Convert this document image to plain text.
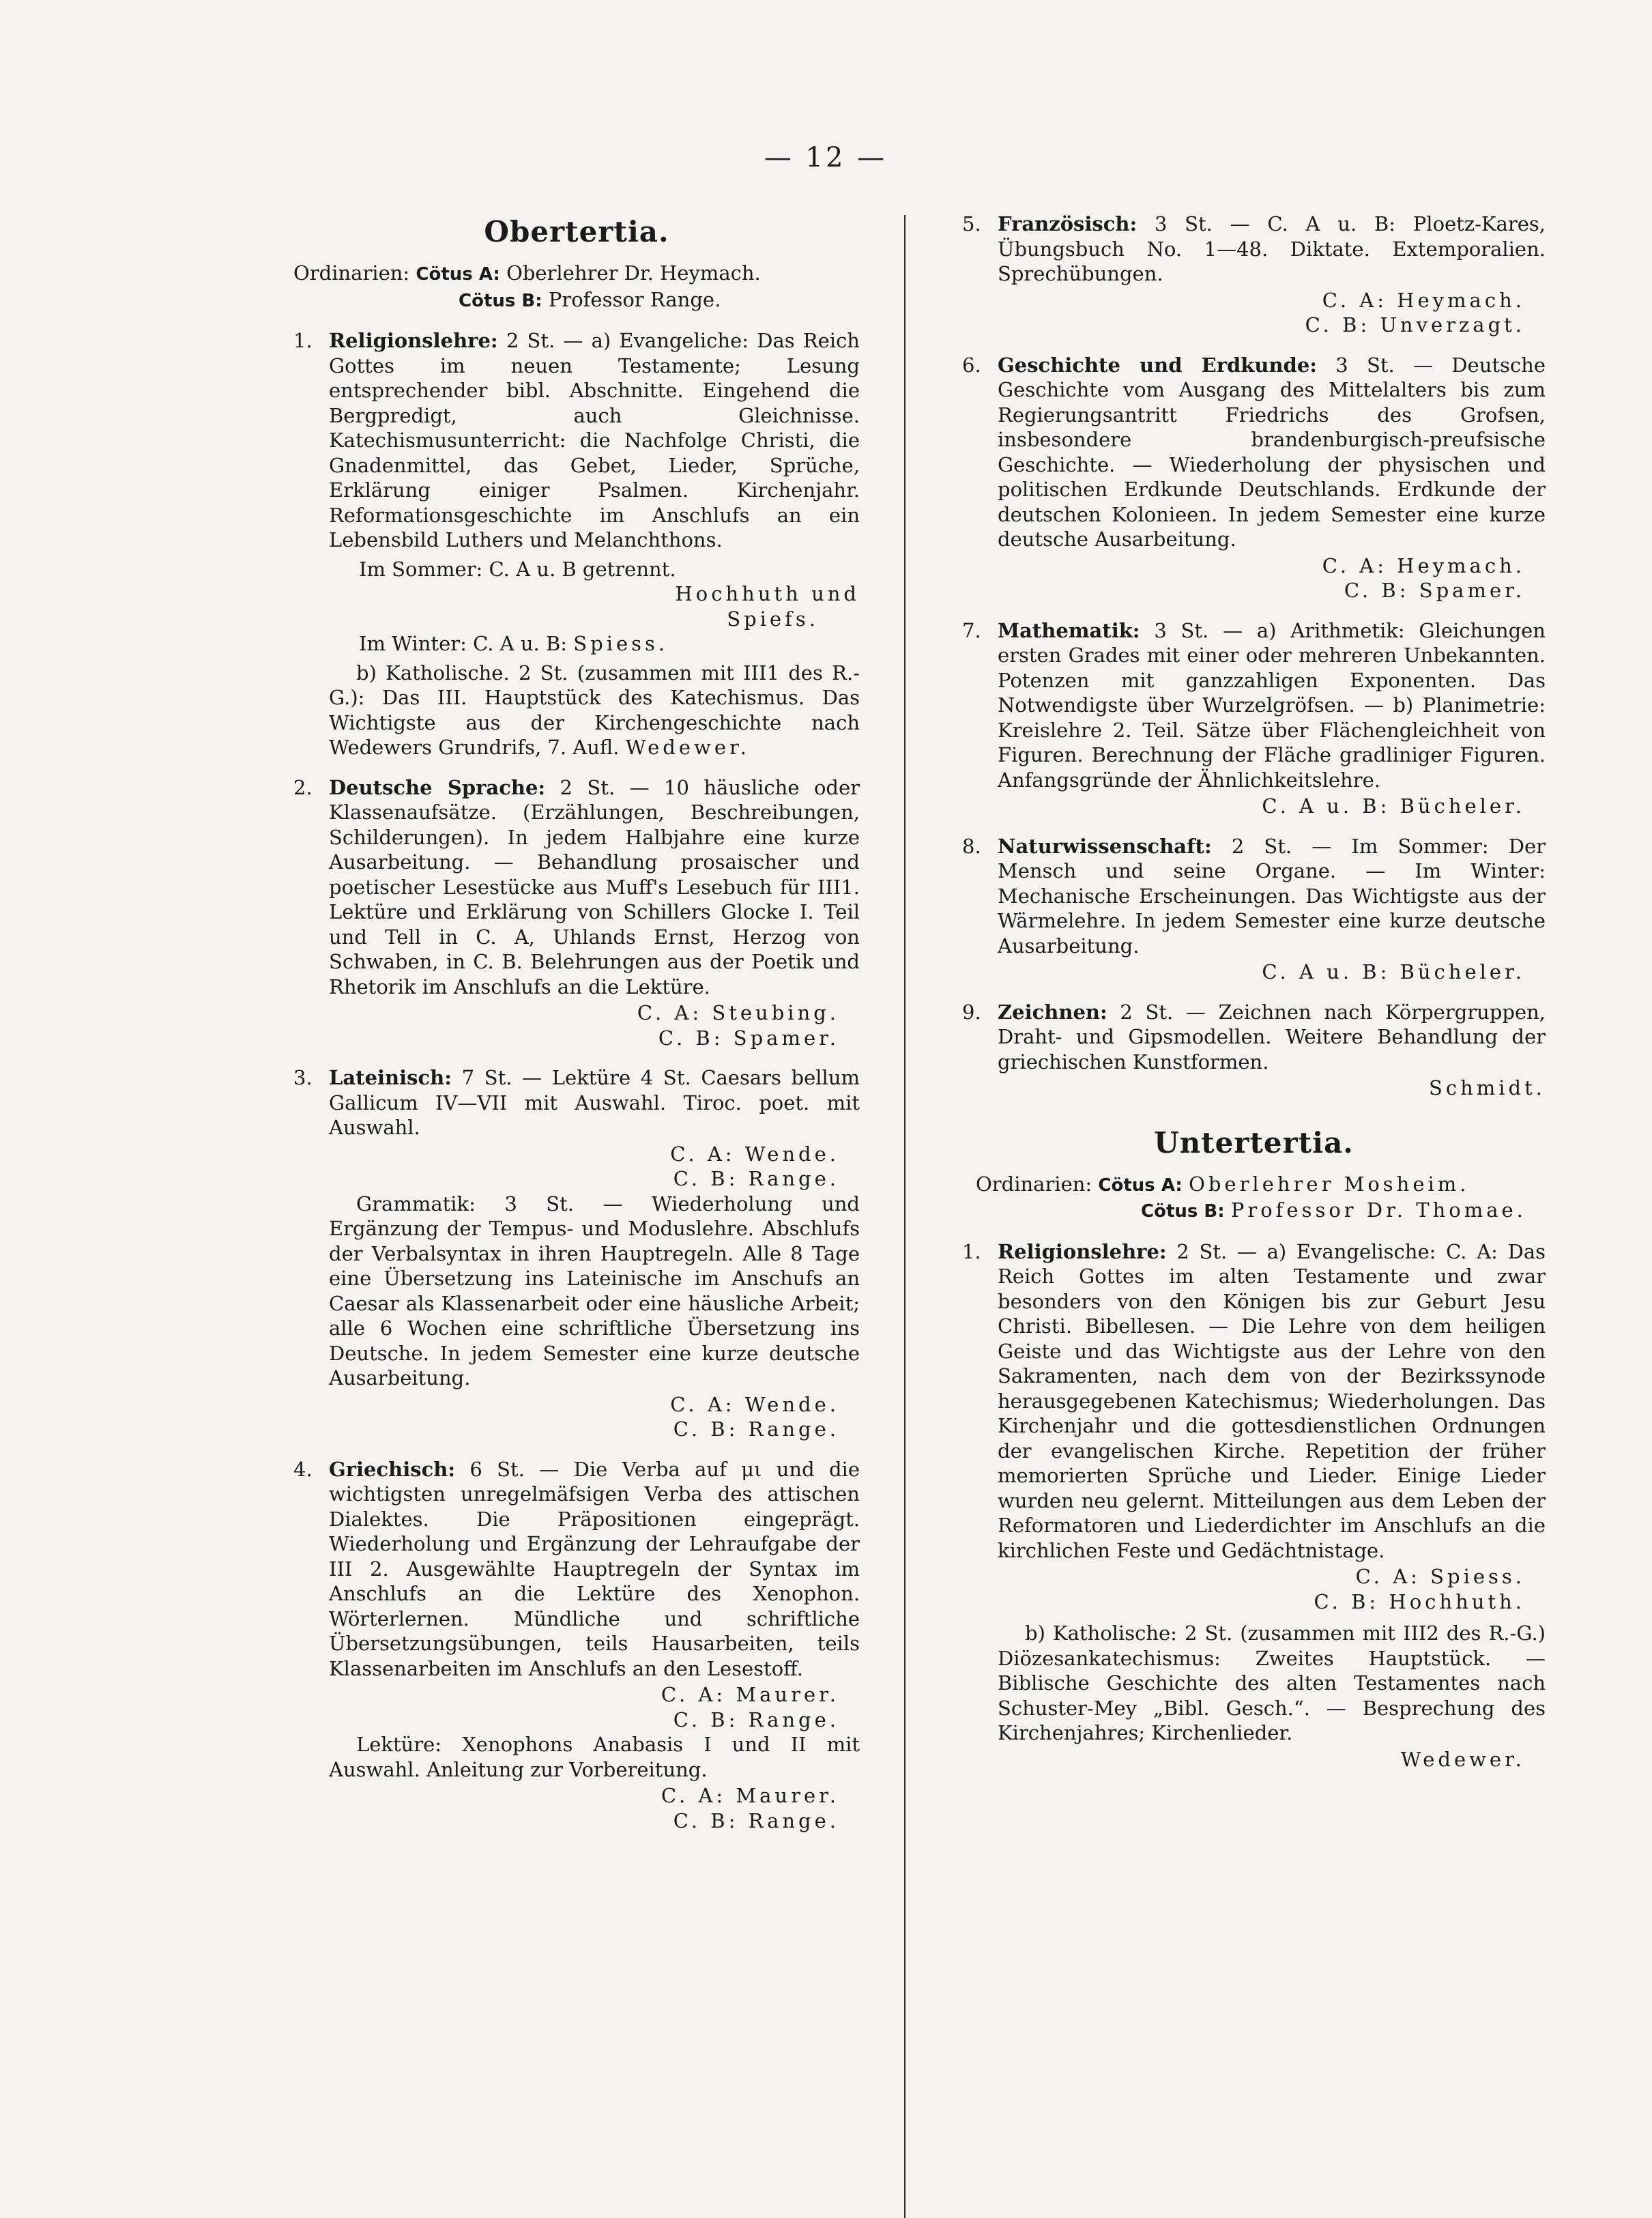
— 12 —
Obertertia.
Ordinarien: Cötus A: Oberlehrer Dr. Heymach.
Cötus B: Professor Range.
1. Religionslehre: 2 St. — a) Evangeliche: Das Reich Gottes im neuen Testamente; Lesung entsprechender bibl. Abschnitte. Eingehend die Bergpredigt, auch Gleichnisse. Katechismusunterricht: die Nachfolge Christi, die Gnadenmittel, das Gebet, Lieder, Sprüche, Erklärung einiger Psalmen. Kirchenjahr. Reformationsgeschichte im Anschlufs an ein Lebensbild Luthers und Melanchthons.

Im Sommer: C. A u. B getrennt.
Hochhuth und
Spiefs.
Im Winter: C. A u. B: Spiess.

b) Katholische. 2 St. (zusammen mit III1 des R.-G.): Das III. Hauptstück des Katechismus. Das Wichtigste aus der Kirchengeschichte nach Wedewers Grundrifs, 7. Aufl. Wedewer.

2. Deutsche Sprache: 2 St. — 10 häusliche oder Klassenaufsätze. (Erzählungen, Beschreibungen, Schilderungen). In jedem Halbjahre eine kurze Ausarbeitung. — Behandlung prosaischer und poetischer Lesestücke aus Muff's Lesebuch für III1. Lektüre und Erklärung von Schillers Glocke I. Teil und Tell in C. A, Uhlands Ernst, Herzog von Schwaben, in C. B. Belehrungen aus der Poetik und Rhetorik im Anschlufs an die Lektüre.

C. A: Steubing.
C. B: Spamer.
3. Lateinisch: 7 St. — Lektüre 4 St. Caesars bellum Gallicum IV—VII mit Auswahl. Tiroc. poet. mit Auswahl.

C. A: Wende.
C. B: Range.

Grammatik: 3 St. — Wiederholung und Ergänzung der Tempus- und Moduslehre. Abschlufs der Verbalsyntax in ihren Hauptregeln. Alle 8 Tage eine Übersetzung ins Lateinische im Anschufs an Caesar als Klassenarbeit oder eine häusliche Arbeit; alle 6 Wochen eine schriftliche Übersetzung ins Deutsche. In jedem Semester eine kurze deutsche Ausarbeitung.

C. A: Wende.
C. B: Range.
4. Griechisch: 6 St. — Die Verba auf μι und die wichtigsten unregelmäfsigen Verba des attischen Dialektes. Die Präpositionen eingeprägt. Wiederholung und Ergänzung der Lehraufgabe der III 2. Ausgewählte Hauptregeln der Syntax im Anschlufs an die Lektüre des Xenophon. Wörterlernen. Mündliche und schriftliche Übersetzungsübungen, teils Hausarbeiten, teils Klassenarbeiten im Anschlufs an den Lesestoff.

C. A: Maurer.
C. B: Range.

Lektüre: Xenophons Anabasis I und II mit Auswahl. Anleitung zur Vorbereitung.

C. A: Maurer.
C. B: Range.
5. Französisch: 3 St. — C. A u. B: Ploetz-Kares, Übungsbuch No. 1—48. Diktate. Extemporalien. Sprechübungen.

C. A: Heymach.
C. B: Unverzagt.
6. Geschichte und Erdkunde: 3 St. — Deutsche Geschichte vom Ausgang des Mittelalters bis zum Regierungsantritt Friedrichs des Grofsen, insbesondere brandenburgisch-preufsische Geschichte. — Wiederholung der physischen und politischen Erdkunde Deutschlands. Erdkunde der deutschen Kolonieen. In jedem Semester eine kurze deutsche Ausarbeitung.

C. A: Heymach.
C. B: Spamer.
7. Mathematik: 3 St. — a) Arithmetik: Gleichungen ersten Grades mit einer oder mehreren Unbekannten. Potenzen mit ganzzahligen Exponenten. Das Notwendigste über Wurzelgröfsen. — b) Planimetrie: Kreislehre 2. Teil. Sätze über Flächengleichheit von Figuren. Berechnung der Fläche gradliniger Figuren. Anfangsgründe der Ähnlichkeitslehre.

C. A u. B: Bücheler.
8. Naturwissenschaft: 2 St. — Im Sommer: Der Mensch und seine Organe. — Im Winter: Mechanische Erscheinungen. Das Wichtigste aus der Wärmelehre. In jedem Semester eine kurze deutsche Ausarbeitung.

C. A u. B: Bücheler.
9. Zeichnen: 2 St. — Zeichnen nach Körpergruppen, Draht- und Gipsmodellen. Weitere Behandlung der griechischen Kunstformen.

Schmidt.
Untertertia.
Ordinarien: Cötus A: Oberlehrer Mosheim.
Cötus B: Professor Dr. Thomae.
1. Religionslehre: 2 St. — a) Evangelische: C. A: Das Reich Gottes im alten Testamente und zwar besonders von den Königen bis zur Geburt Jesu Christi. Bibellesen. — Die Lehre von dem heiligen Geiste und das Wichtigste aus der Lehre von den Sakramenten, nach dem von der Bezirkssynode herausgegebenen Katechismus; Wiederholungen. Das Kirchenjahr und die gottesdienstlichen Ordnungen der evangelischen Kirche. Repetition der früher memorierten Sprüche und Lieder. Einige Lieder wurden neu gelernt. Mitteilungen aus dem Leben der Reformatoren und Liederdichter im Anschlufs an die kirchlichen Feste und Gedächtnistage.

C. A: Spiess.
C. B: Hochhuth.

b) Katholische: 2 St. (zusammen mit III2 des R.-G.) Diözesankatechismus: Zweites Hauptstück. — Biblische Geschichte des alten Testamentes nach Schuster-Mey „Bibl. Gesch.“. — Besprechung des Kirchenjahres; Kirchenlieder.

Wedewer.
